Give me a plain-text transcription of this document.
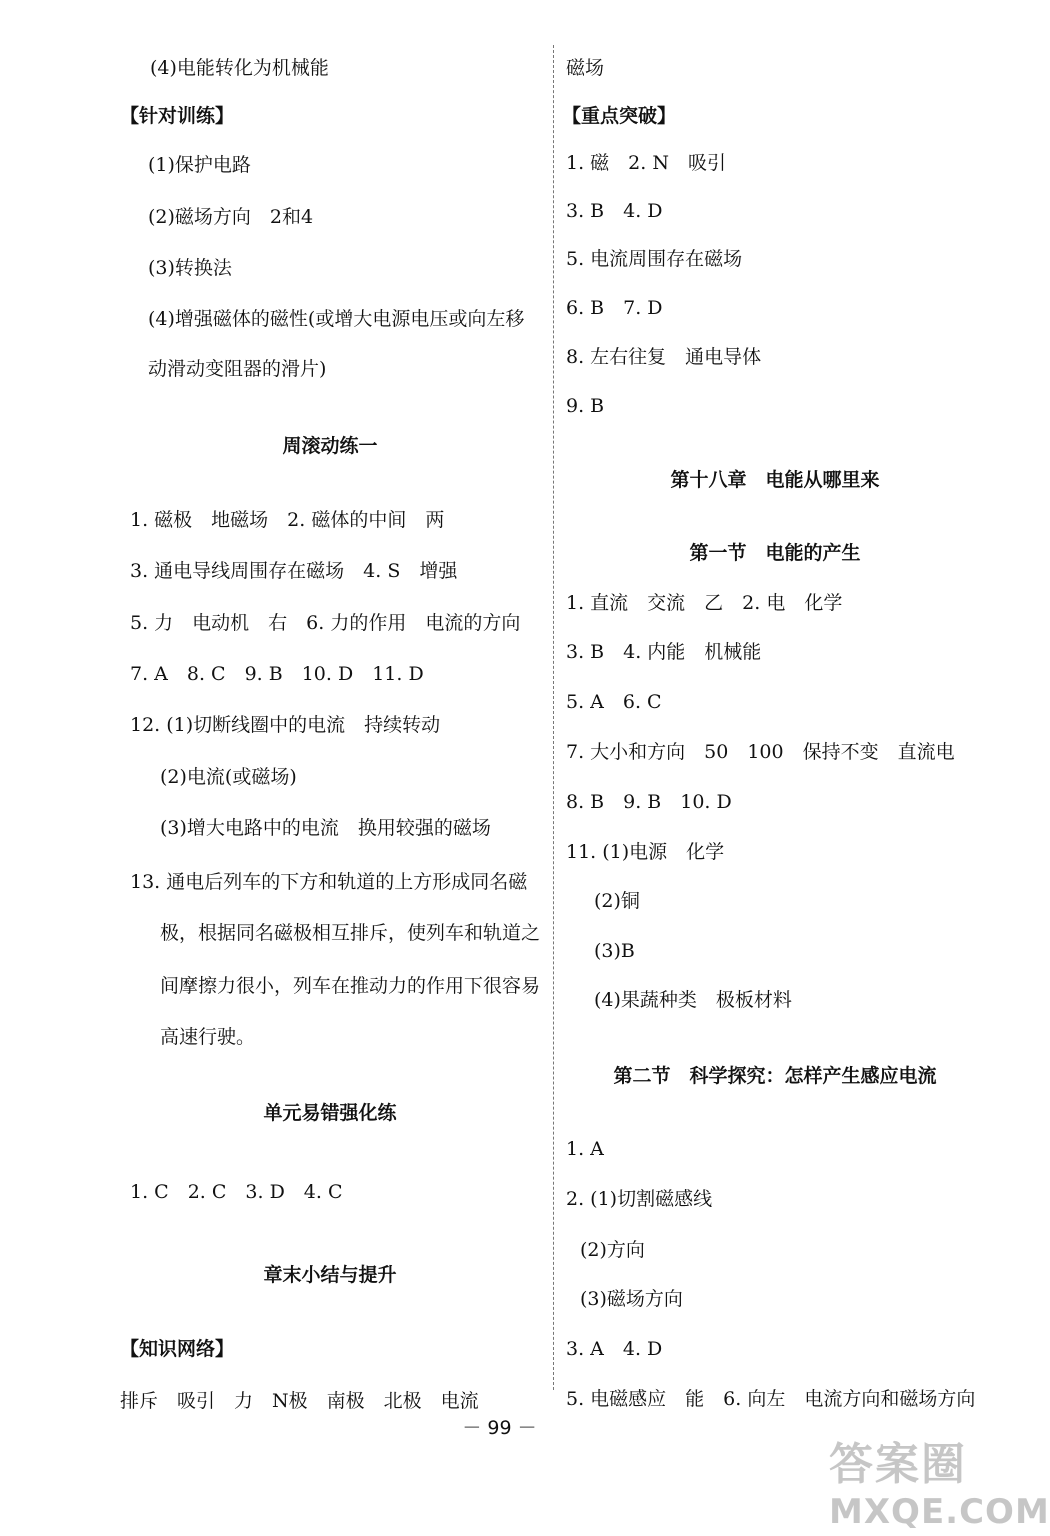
(4)电能转化为机械能
【针对训练】
(1)保护电路
(2)磁场方向　2和4
(3)转换法
(4)增强磁体的磁性(或增大电源电压或向左移
动滑动变阻器的滑片)
周滚动练一
1. 磁极　地磁场　2. 磁体的中间　两
3. 通电导线周围存在磁场　4. S　增强
5. 力　电动机　右　6. 力的作用　电流的方向
7. A　8. C　9. B　10. D　11. D
12. (1)切断线圈中的电流　持续转动
(2)电流(或磁场)
(3)增大电路中的电流　换用较强的磁场
13. 通电后列车的下方和轨道的上方形成同名磁
极，根据同名磁极相互排斥，使列车和轨道之
间摩擦力很小，列车在推动力的作用下很容易
高速行驶。
单元易错强化练
1. C　2. C　3. D　4. C
章末小结与提升
【知识网络】
排斥　吸引　力　N极　南极　北极　电流
磁场
【重点突破】
1. 磁　2. N　吸引
3. B　4. D
5. 电流周围存在磁场
6. B　7. D
8. 左右往复　通电导体
9. B
第十八章　电能从哪里来
第一节　电能的产生
1. 直流　交流　乙　2. 电　化学
3. B　4. 内能　机械能
5. A　6. C
7. 大小和方向　50　100　保持不变　直流电
8. B　9. B　10. D
11. (1)电源　化学
(2)铜
(3)B
(4)果蔬种类　极板材料
第二节　科学探究：怎样产生感应电流
1. A
2. (1)切割磁感线
(2)方向
(3)磁场方向
3. A　4. D
5. 电磁感应　能　6. 向左　电流方向和磁场方向
－ 99 －
答案圈
MXQE.COM
